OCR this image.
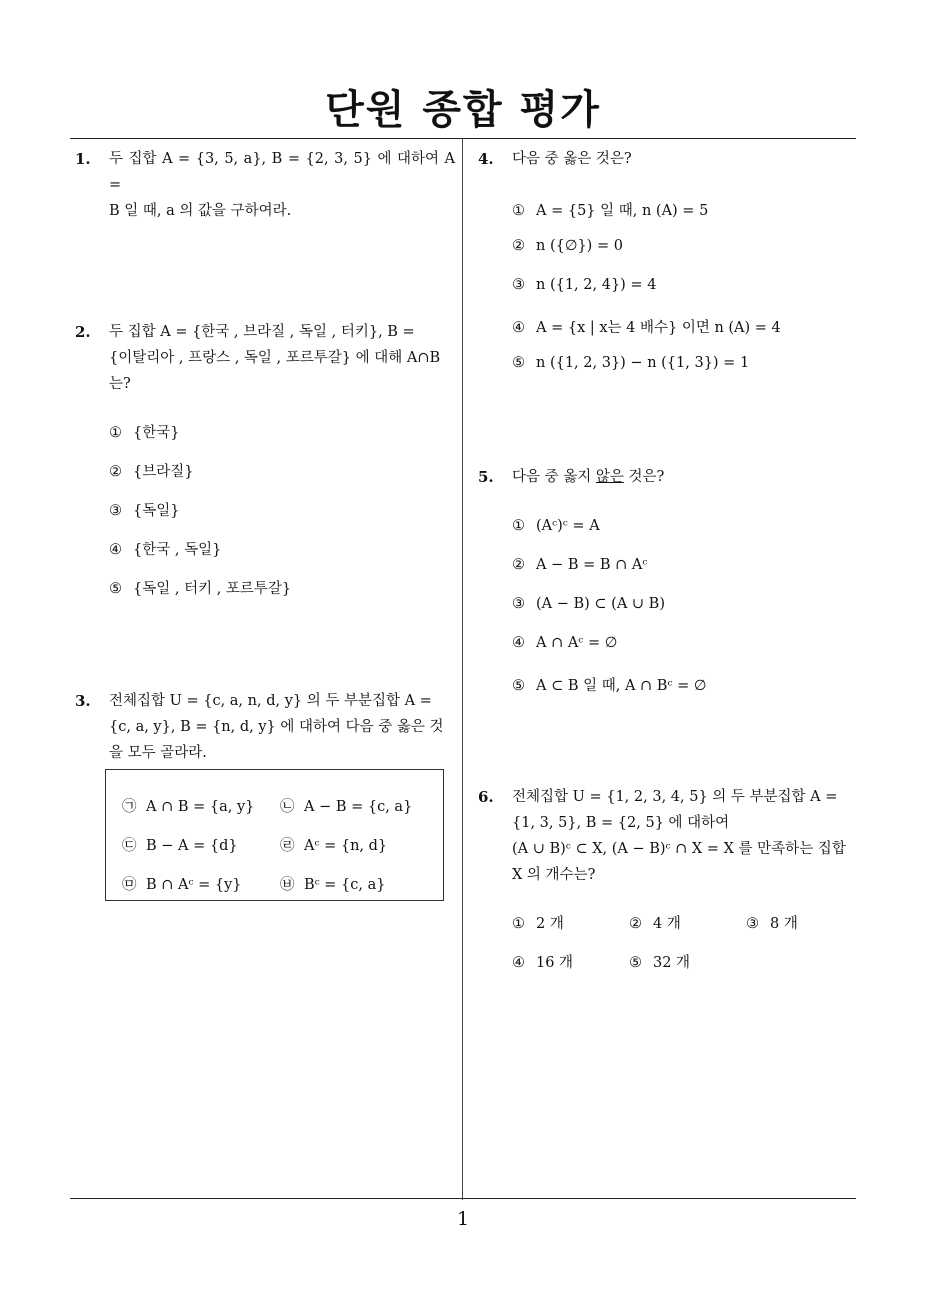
단원 종합 평가
1
1. 두 집합 A = {3, 5, a}, B = {2, 3, 5} 에 대하여 A =
B 일 때, a 의 값을 구하여라.
2. 두 집합 A = {한국 , 브라질 , 독일 , 터키}, B =
{이탈리아 , 프랑스 , 독일 , 포르투갈} 에 대해 A∩B
는?
① {한국}
② {브라질}
③ {독일}
④ {한국 , 독일}
⑤ {독일 , 터키 , 포르투갈}
3. 전체집합 U = {c, a, n, d, y} 의 두 부분집합 A =
{c, a, y}, B = {n, d, y} 에 대하여 다음 중 옳은 것
을 모두 골라라.
㉠ A ∩ B = {a, y} ㉡ A − B = {c, a}
㉢ B − A = {d}	㉣ Aᶜ = {n, d}
㉤ B ∩ Aᶜ = {y}	㉥ Bᶜ = {c, a}
4. 다음 중 옳은 것은?
① A = {5} 일 때, n (A) = 5
② n ({∅}) = 0
③ n ({1, 2, 4}) = 4
④ A = {x | x는 4 배수} 이면 n (A) = 4
⑤ n ({1, 2, 3}) − n ({1, 3}) = 1
5. 다음 중 옳지 않은 것은?
① (Aᶜ)ᶜ = A
② A − B = B ∩ Aᶜ
③ (A − B) ⊂ (A ∪ B)
④ A ∩ Aᶜ = ∅
⑤ A ⊂ B 일 때, A ∩ Bᶜ = ∅
6. 전체집합 U = {1, 2, 3, 4, 5} 의 두 부분집합 A =
{1, 3, 5}, B = {2, 5} 에 대하여
(A ∪ B)ᶜ ⊂ X, (A − B)ᶜ ∩ X = X 를 만족하는 집합
X 의 개수는?
① 2 개	② 4 개	③ 8 개
④ 16 개	⑤ 32 개
